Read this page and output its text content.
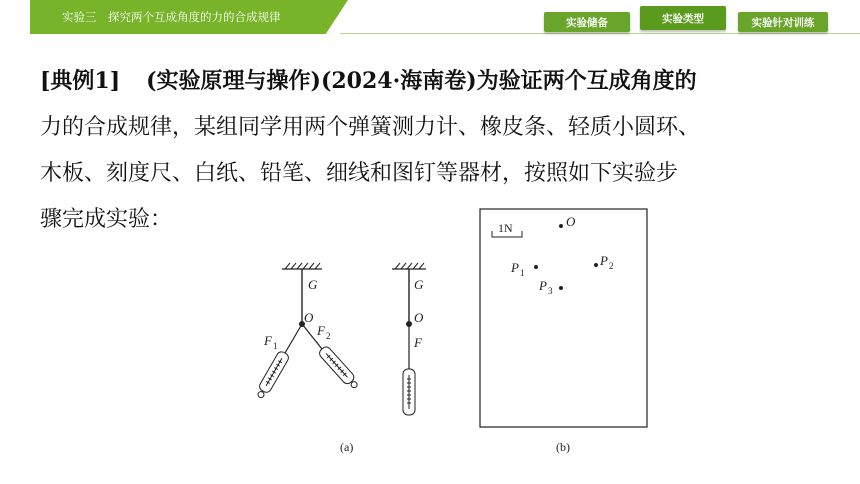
实验三　探究两个互成角度的力的合成规律	实验储备	实验类型	实验针对训练
[典例1] (实验原理与操作)(2024·海南卷)为验证两个互成角度的
力的合成规律，某组同学用两个弹簧测力计、橡皮条、轻质小圆环、
木板、刻度尺、白纸、铅笔、细线和图钉等器材，按照如下实验步
骤完成实验：
G
O
F 1
F 2
G
O
F
(a)
1N	O
P 1
P 2
P 3
(b)
